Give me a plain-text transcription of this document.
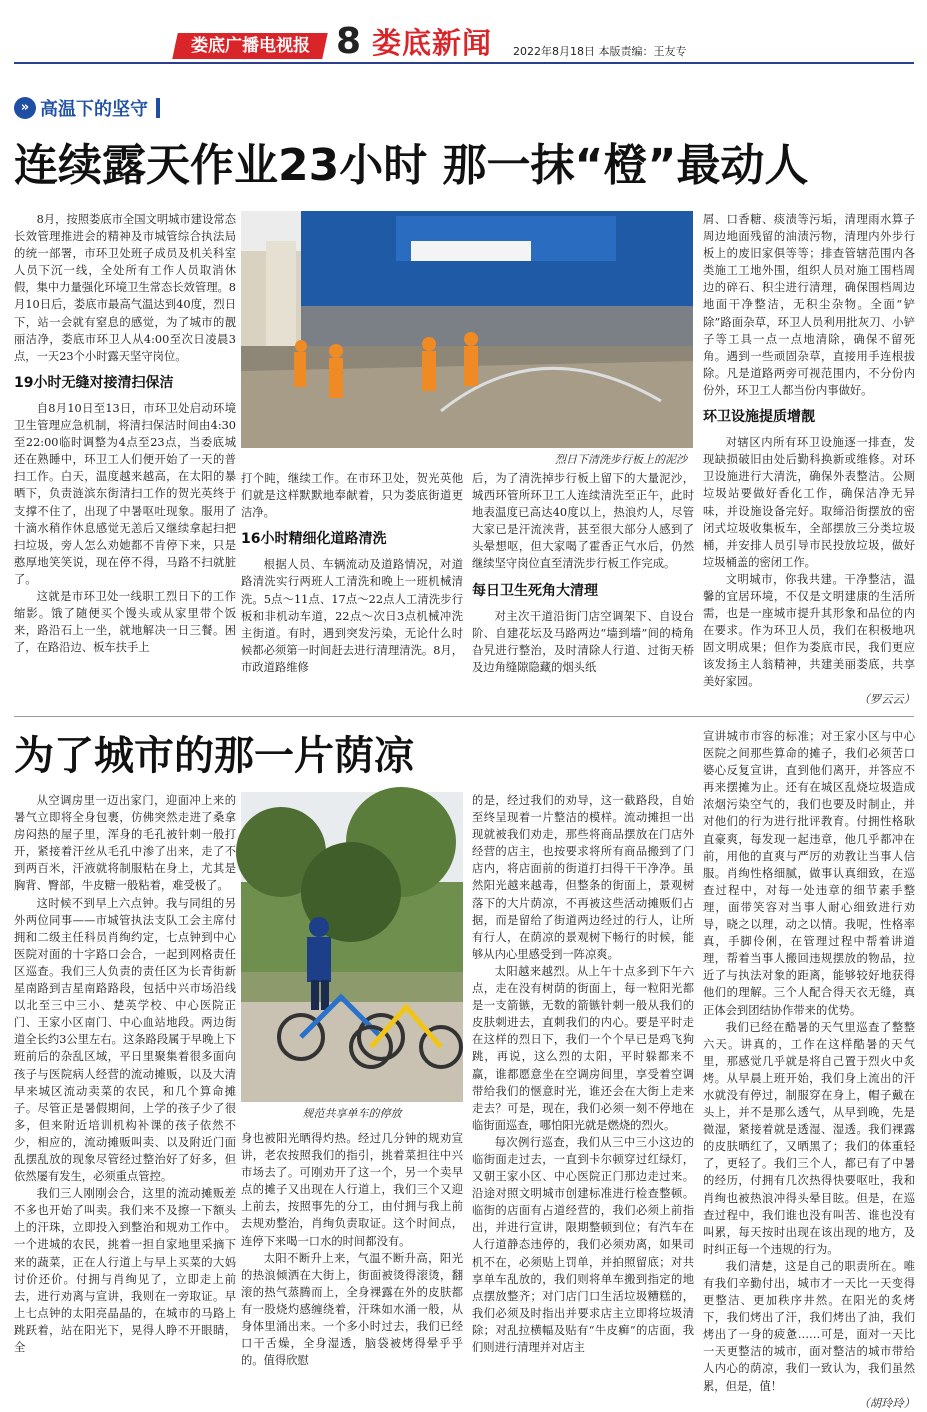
娄底广播电视报 8 娄底新闻 2022年8月18日 本版责编：王友专
» 高温下的坚守
连续露天作业23小时 那一抹“橙”最动人
烈日下清洗步行板上的泥沙

8月，按照娄底市全国文明城市建设常态长效管理推进会的精神及市城管综合执法局的统一部署，市环卫处班子成员及机关科室人员下沉一线，全处所有工作人员取消休假，集中力量强化环境卫生常态长效管理。8月10日后，娄底市最高气温达到40度，烈日下，站一会就有窒息的感觉，为了城市的靓丽洁净，娄底市环卫人从4:00至次日凌晨3点，一天23个小时露天坚守岗位。

19小时无缝对接清扫保洁

自8月10日至13日，市环卫处启动环境卫生管理应急机制，将清扫保洁时间由4:30至22:00临时调整为4点至23点，当委底城还在熟睡中，环卫工人们便开始了一天的普扫工作。白天，温度越来越高，在太阳的暴晒下，负责涟滨东街清扫工作的贺光英终于支撑不住了，出现了中暑呕吐现象。服用了十滴水稍作休息感觉无恙后又继续拿起扫把扫垃圾，旁人怎么劝她都不肯停下来，只是憨厚地笑笑说，现在停不得，马路不扫就脏了。

这就是市环卫处一线职工烈日下的工作缩影。饿了随便买个馒头或从家里带个饭来，路沿石上一坐，就地解决一日三餐。困了，在路沿边、板车扶手上

打个盹，继续工作。在市环卫处，贺光英他们就是这样默默地奉献着，只为娄底街道更洁净。

16小时精细化道路清洗

根据人员、车辆流动及道路情况，对道路清洗实行两班人工清洗和晚上一班机械清洗。5点～11点、17点～22点人工清洗步行板和非机动车道，22点～次日3点机械冲洗主街道。有时，遇到突发污染，无论什么时候都必须第一时间赶去进行清理清洗。8月，市政道路维修

后，为了清洗掉步行板上留下的大量泥沙，城西环管所环卫工人连续清洗至正午，此时地表温度已高达40度以上，热浪灼人，尽管大家已是汗流浃背，甚至很大部分人感到了头晕想呕，但大家喝了霍香正气水后，仍然继续坚守岗位直至清洗步行板工作完成。

每日卫生死角大清理

对主次干道沿街门店空调架下、自设台阶、自建花坛及马路两边“墙到墙”间的椅角旮旯进行整治，及时清除人行道、过街天桥及边角缝隙隐藏的烟头纸

屑、口香糖、痰渍等污垢，清理雨水算子周边地面残留的油渍污物，清理内外步行板上的废旧家俱等等；排查管辖范围内各类施工工地外围，组织人员对施工围档周边的碎石、积尘进行清理，确保围档周边地面干净整洁，无积尘杂物。全面“铲除”路面杂草，环卫人员利用批灰刀、小铲子等工具一点一点地清除，确保不留死角。遇到一些顽固杂草，直接用手连根拔除。凡是道路两旁可视范围内，不分份内份外，环卫工人都当份内事做好。

环卫设施提质增靓

对辖区内所有环卫设施逐一排查，发现缺损破旧由处后勤科换新或维修。对环卫设施进行大清洗，确保外表整洁。公厕垃圾站要做好香化工作，确保洁净无异味，并设施设备完好。取缔沿街摆放的密闭式垃圾收集板车，全部摆放三分类垃圾桶，并安排人员引导市民投放垃圾，做好垃圾桶盖的密闭工作。

文明城市，你我共建。干净整洁，温馨的宜居环境，不仅是文明建康的生活所需，也是一座城市提升其形象和品位的内在要求。作为环卫人员，我们在积极地巩固文明成果；但作为娄底市民，我们更应该发扬主人翁精神，共建美丽娄底，共享美好家园。

（罗云云）

为了城市的那一片荫凉
规范共享单车的停放

从空调房里一迈出家门，迎面冲上来的暑气立即将全身包裹，仿佛突然走进了桑拿房闷热的屋子里，浑身的毛孔被针刺一般打开，紧接着汗丝从毛孔中渗了出来，走了不到两百米，汗液就将制服粘在身上，尤其是胸背、臀部，牛皮糖一般粘着，难受极了。

这时候不到早上六点钟。我与同组的另外两位同事——市城管执法支队工会主席付拥和二级主任科员肖绚约定，七点钟到中心医院对面的十字路口会合，一起到网格责任区巡查。我们三人负责的责任区为长青街新星南路到吉星南路路段，包括中兴市场沿线以北至三中三小、楚英学校、中心医院正门、王家小区南门、中心血站地段。两边街道全长约3公里左右。这条路段属于早晚上下班前后的杂乱区域，平日里聚集着很多面向孩子与医院病人经营的流动摊贩，以及大清早来城区流动卖菜的农民，和几个算命摊子。尽管正是暑假期间，上学的孩子少了很多，但来附近培训机构补课的孩子依然不少，相应的，流动摊贩叫卖、以及附近门面乱摆乱放的现象尽管经过整治好了好多，但依然屡有发生，必须重点管控。

我们三人刚刚会合，这里的流动摊贩差不多也开始了叫卖。我们来不及擦一下额头上的汗珠，立即投入到整治和规劝工作中。一个进城的农民，挑着一担自家地里采摘下来的蔬菜，正在人行道上与早上买菜的大妈讨价还价。付拥与肖绚见了，立即走上前去，进行劝离与宣讲，我则在一旁取证。早上七点钟的太阳亮晶晶的，在城市的马路上跳跃着，站在阳光下，晃得人睁不开眼睛，全

身也被阳光晒得灼热。经过几分钟的规劝宣讲，老农按照我们的指引，挑着菜担往中兴市场去了。可刚劝开了这一个，另一个卖早点的摊子又出现在人行道上，我们三个又迎上前去，按照事先的分工，由付拥与我上前去规劝整治，肖绚负责取证。这个时间点，连停下来喝一口水的时间都没有。

太阳不断升上来，气温不断升高，阳光的热浪倾洒在大街上，街面被烫得滚烫，翻滚的热气蒸腾而上，全身裸露在外的皮肤都有一股烧灼感缠绕着，汗珠如水涌一般，从身体里涌出来。一个多小时过去，我们已经口干舌燥，全身湿透，脑袋被烤得晕乎乎的。值得欣慰

的是，经过我们的劝导，这一截路段，自始至终呈现着一片整洁的模样。流动摊担一出现就被我们劝走，那些将商品摆放在门店外经营的店主，也按要求将所有商品搬到了门店内，将店面前的街道打扫得干干净净。虽然阳光越来越毒，但整条的街面上，景观树落下的大片荫凉，不再被这些活动摊贩们占据，而是留给了街道两边经过的行人，让所有行人，在荫凉的景观树下畅行的时候，能够从内心里感受到一阵凉爽。

太阳越来越烈。从上午十点多到下午六点，走在没有树荫的街面上，每一粒阳光都是一支箭镞，无数的箭镞针刺一般从我们的皮肤刺进去，直刺我们的内心。要是平时走在这样的烈日下，我们一个个早已是鸡飞狗跳，再说，这么烈的太阳，平时躲都来不赢，谁都愿意坐在空调房间里，享受着空调带给我们的惬意时光，谁还会在大街上走来走去？可是，现在，我们必须一刻不停地在临街面巡查，哪怕阳光就是燃烧的烈火。

每次例行巡查，我们从三中三小这边的临街面走过去，一直到卡尔顿穿过红绿灯，又朝王家小区、中心医院正门那边走过来。沿途对照文明城市创建标准进行检查整顿。临街的店面有占道经营的，我们必须上前指出，并进行宣讲，限期整顿到位；有汽车在人行道静态违停的，我们必须劝离，如果司机不在，必须贴上罚单，并拍照留底；对共享单车乱放的，我们则将单车搬到指定的地点摆放整齐；对门店门口生活垃圾糟糕的，我们必须及时指出并要求店主立即将垃圾清除；对乱拉横幅及贴有“牛皮癣”的店面，我们则进行清理并对店主

宣讲城市市容的标准；对王家小区与中心医院之间那些算命的摊子，我们必须苦口婆心反复宣讲，直到他们离开，并答应不再来摆摊为止。还有在城区乱烧垃圾造成浓烟污染空气的，我们也要及时制止，并对他们的行为进行批评教育。付拥性格耿直豪爽，每发现一起违章，他几乎都冲在前，用他的直爽与严厉的劝教让当事人信服。肖绚性格细腻，做事认真细致，在巡查过程中，对每一处违章的细节素手整理，面带笑容对当事人耐心细致进行劝导，晓之以理，动之以情。我呢，性格率真，手脚伶俐，在管理过程中帮着讲道理，帮着当事人搬回违规摆放的物品，拉近了与执法对象的距离，能够较好地获得他们的理解。三个人配合得天衣无缝，真正体会到团结协作带来的优势。

我们已经在酷暑的天气里巡查了整整六天。讲真的，工作在这样酷暑的天气里，那感觉几乎就是将自己置于烈火中炙烤。从早晨上班开始，我们身上流出的汗水就没有停过，制服穿在身上，帽子戴在头上，并不是那么透气，从早到晚，先是微湿，紧接着就是透湿、湿透。我们裸露的皮肤晒红了，又晒黑了；我们的体重轻了，更轻了。我们三个人，都已有了中暑的经历，付拥有几次热得快要呕吐，我和肖绚也被热浪冲得头晕目眩。但是，在巡查过程中，我们谁也没有叫苦、谁也没有叫累，每天按时出现在该出现的地方，及时纠正每一个违规的行为。

我们清楚，这是自己的职责所在。唯有我们辛勤付出，城市才一天比一天变得更整洁、更加秩序井然。在阳光的炙烤下，我们烤出了汗，我们烤出了油，我们烤出了一身的疲惫……可是，面对一天比一天更整洁的城市，面对整洁的城市带给人内心的荫凉，我们一致认为，我们虽然累，但是，值！

（胡玲玲）
